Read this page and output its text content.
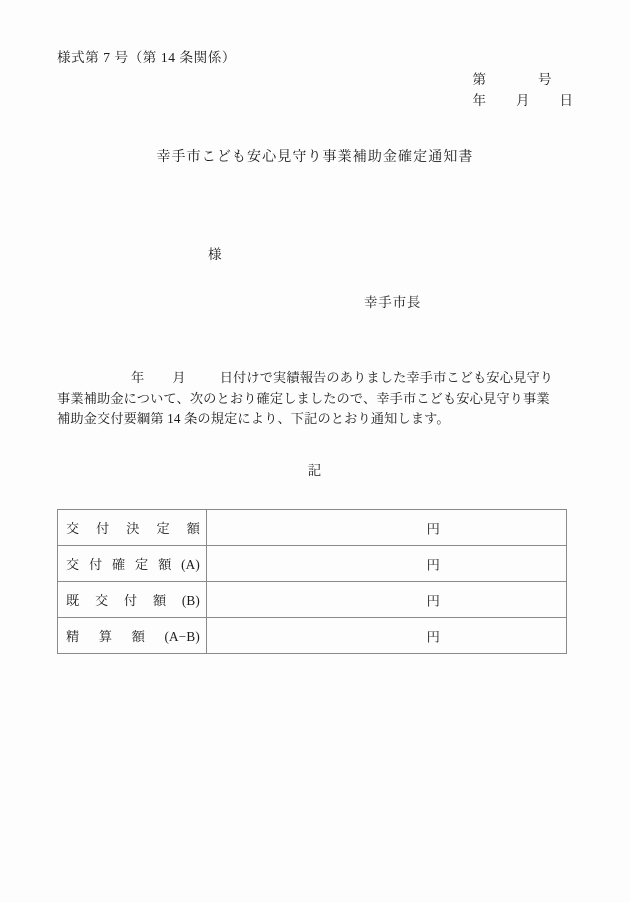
様式第 7 号（第 14 条関係）
第	号
年 月 日
幸手市こども安心見守り事業補助金確定通知書
様
幸手市長
年 月	日付けで実績報告のありました幸手市こども安心見守り
事業補助金について、次のとおり確定しましたので、幸手市こども安心見守り事業
補助金交付要綱第 14 条の規定により、下記のとおり通知します。
記
交付決定額	円

交付確定額(A)	円

既交付額(B)	円

精算額(A−B)	円
